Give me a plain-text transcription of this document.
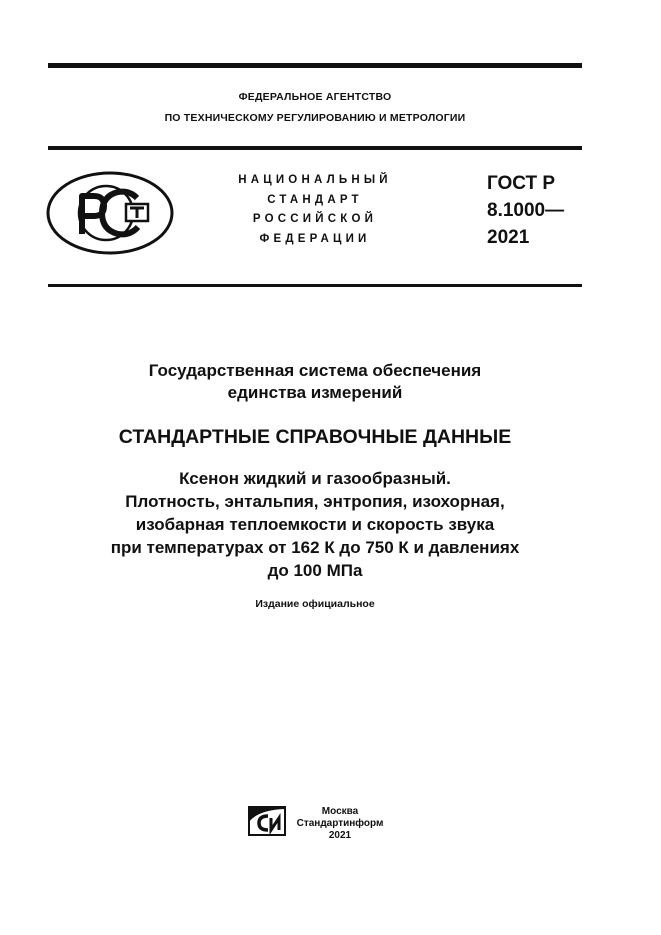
ФЕДЕРАЛЬНОЕ АГЕНТСТВО
ПО ТЕХНИЧЕСКОМУ РЕГУЛИРОВАНИЮ И МЕТРОЛОГИИ
НАЦИОНАЛЬНЫЙ
СТАНДАРТ
РОССИЙСКОЙ
ФЕДЕРАЦИИ
ГОСТ Р
8.1000—
2021
Государственная система обеспечения
единства измерений
СТАНДАРТНЫЕ СПРАВОЧНЫЕ ДАННЫЕ
Ксенон жидкий и газообразный.
Плотность, энтальпия, энтропия, изохорная,
изобарная теплоемкости и скорость звука
при температурах от 162 К до 750 К и давлениях
до 100 МПа
Издание официальное
Москва
Стандартинформ
2021
